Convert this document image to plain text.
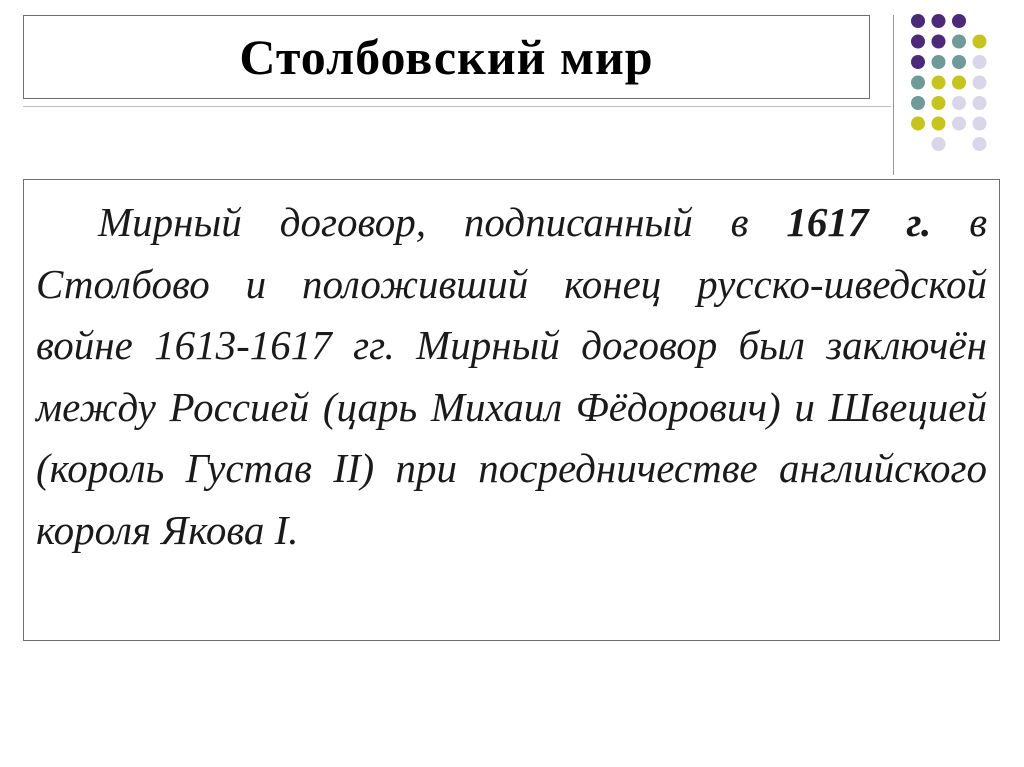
Столбовский мир

Мирный договор, подписанный в 1617 г. в Столбово и положивший конец русско-шведской войне 1613-1617 гг. Мирный договор был заключён между Россией (царь Михаил Фёдорович) и Швецией (король Густав II) при посредничестве английского короля Якова I.
